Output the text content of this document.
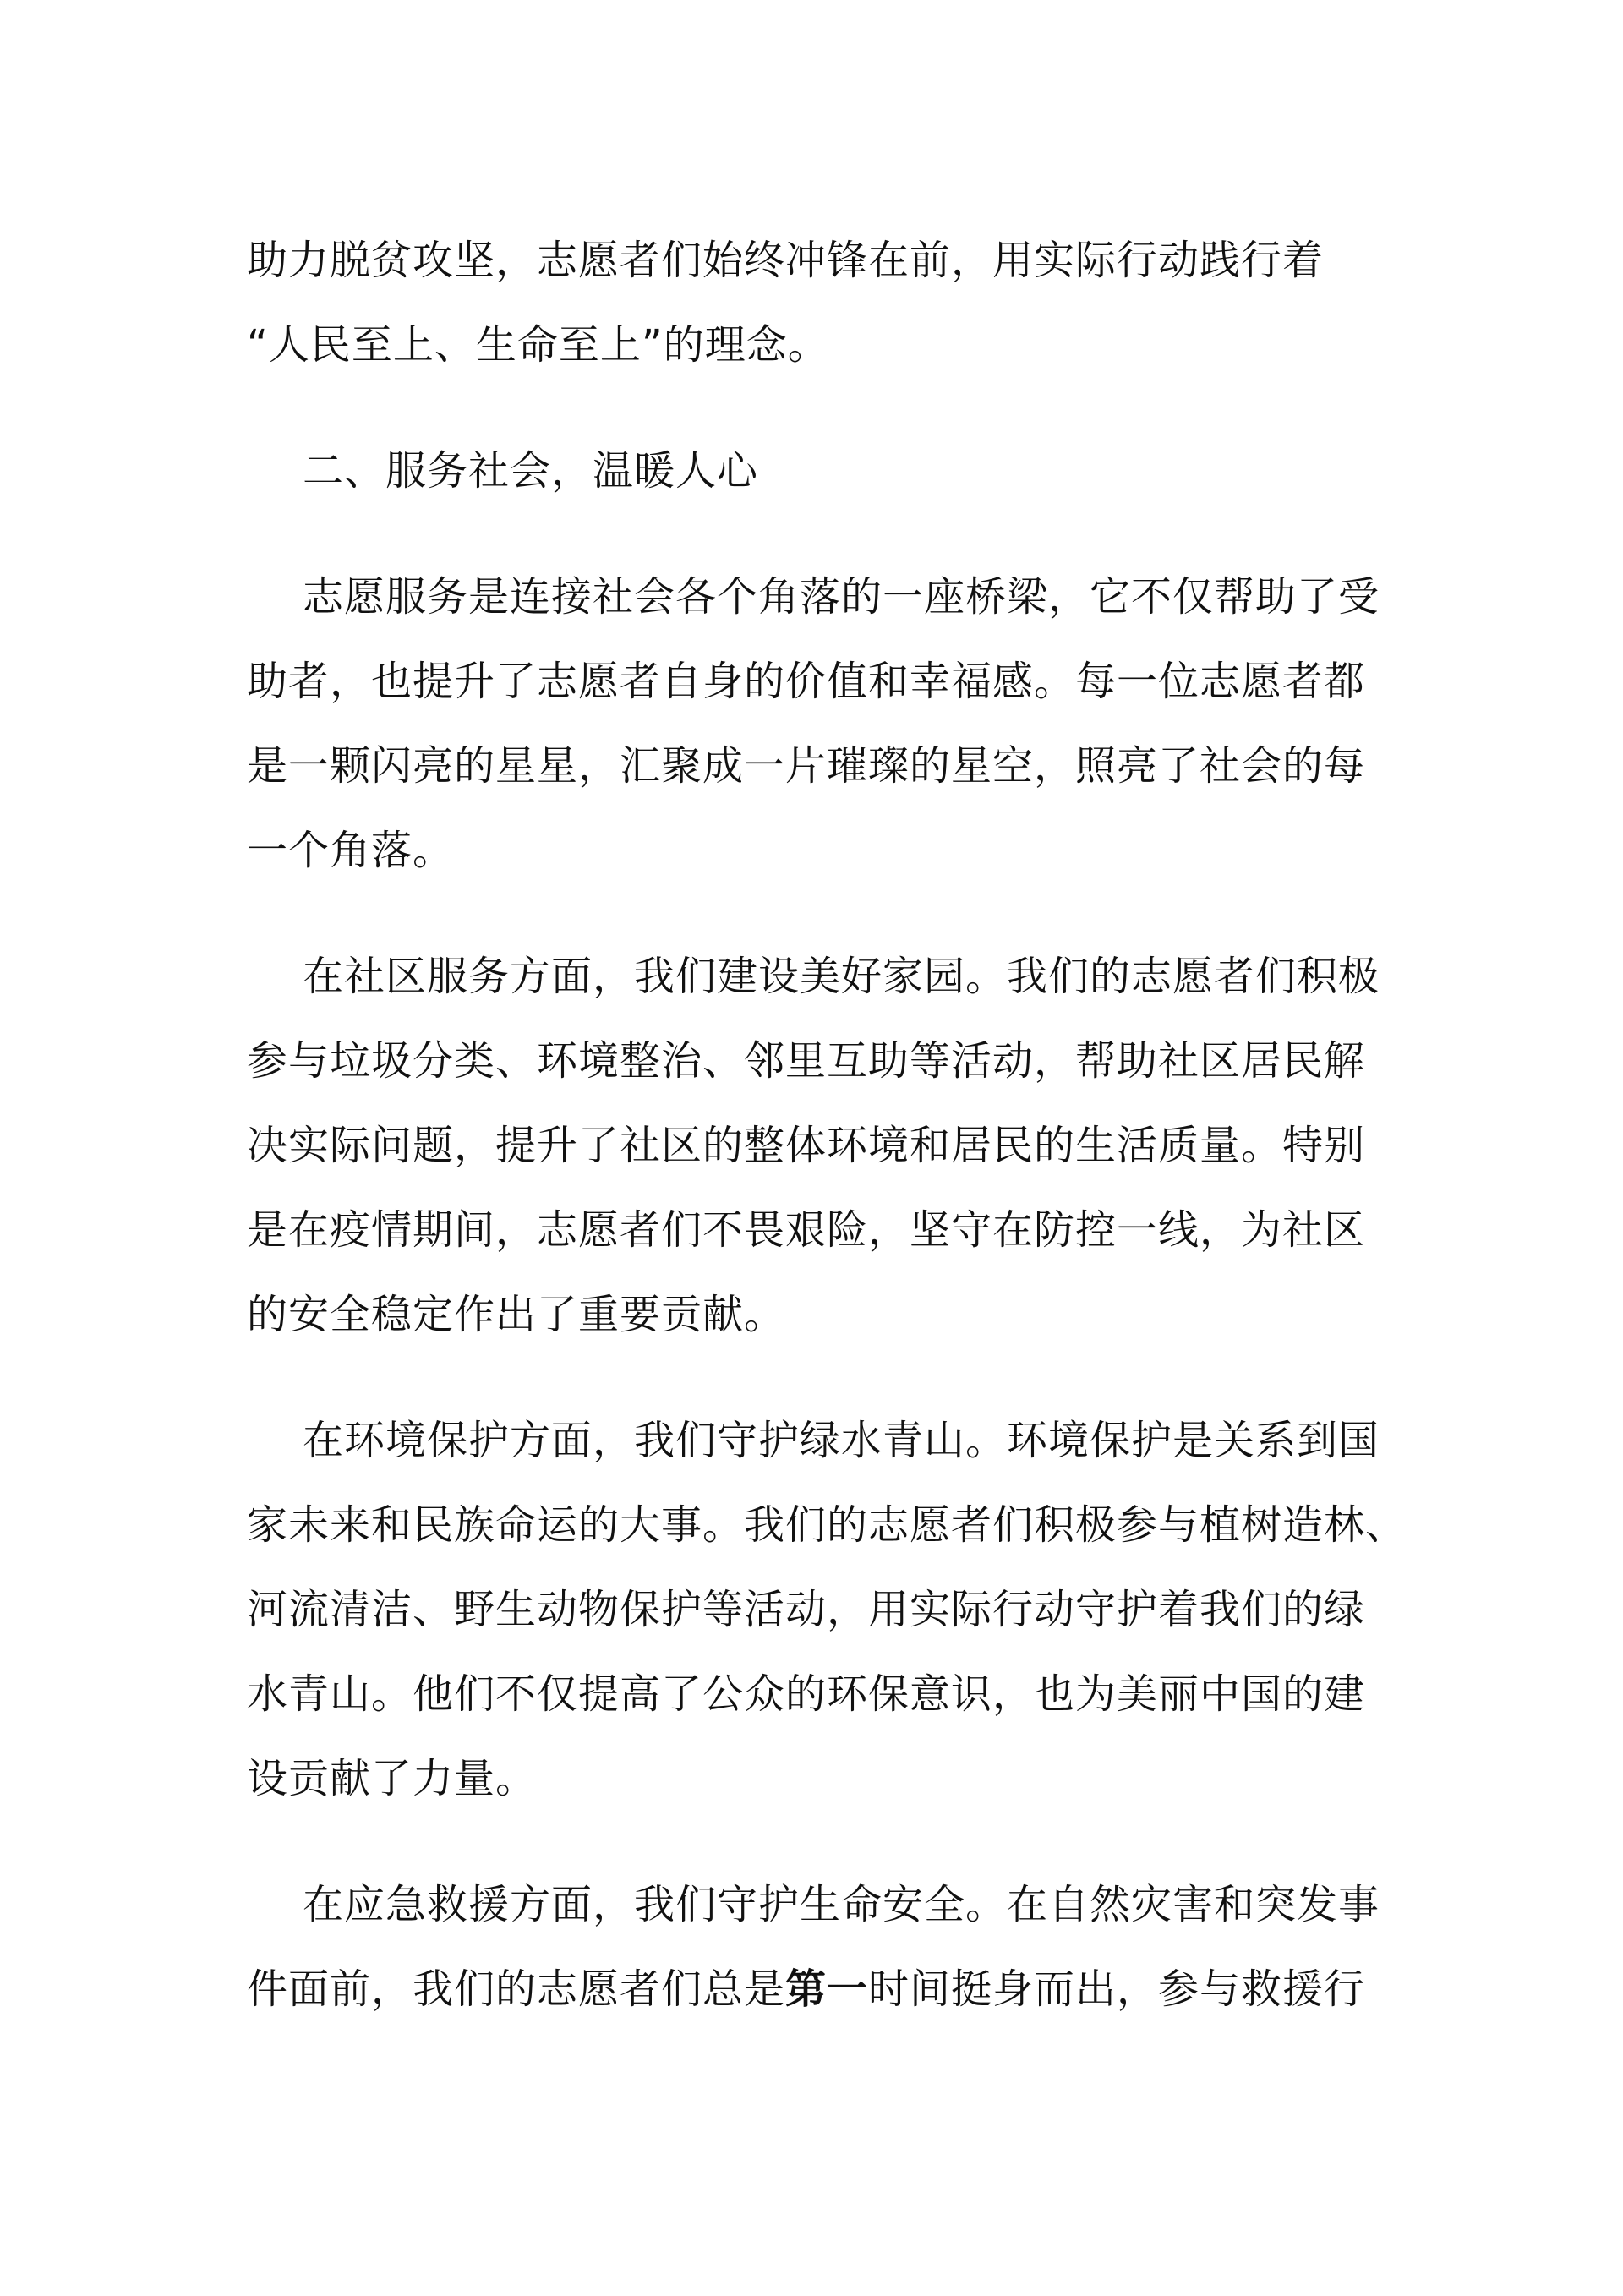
助力脱贫攻坚，志愿者们始终冲锋在前，用实际行动践行着
“人民至上、生命至上”的理念。
二、服务社会，温暖人心
志愿服务是连接社会各个角落的一座桥梁，它不仅帮助了受
助者，也提升了志愿者自身的价值和幸福感。每一位志愿者都
是一颗闪亮的星星，汇聚成一片璀璨的星空，照亮了社会的每
一个角落。
在社区服务方面，我们建设美好家园。我们的志愿者们积极
参与垃圾分类、环境整治、邻里互助等活动，帮助社区居民解
决实际问题，提升了社区的整体环境和居民的生活质量。特别
是在疫情期间，志愿者们不畏艰险，坚守在防控一线，为社区
的安全稳定作出了重要贡献。
在环境保护方面，我们守护绿水青山。环境保护是关系到国
家未来和民族命运的大事。我们的志愿者们积极参与植树造林、
河流清洁、野生动物保护等活动，用实际行动守护着我们的绿
水青山。他们不仅提高了公众的环保意识，也为美丽中国的建
设贡献了力量。
在应急救援方面，我们守护生命安全。在自然灾害和突发事
件面前，我们的志愿者们总是第一时间挺身而出，参与救援行
